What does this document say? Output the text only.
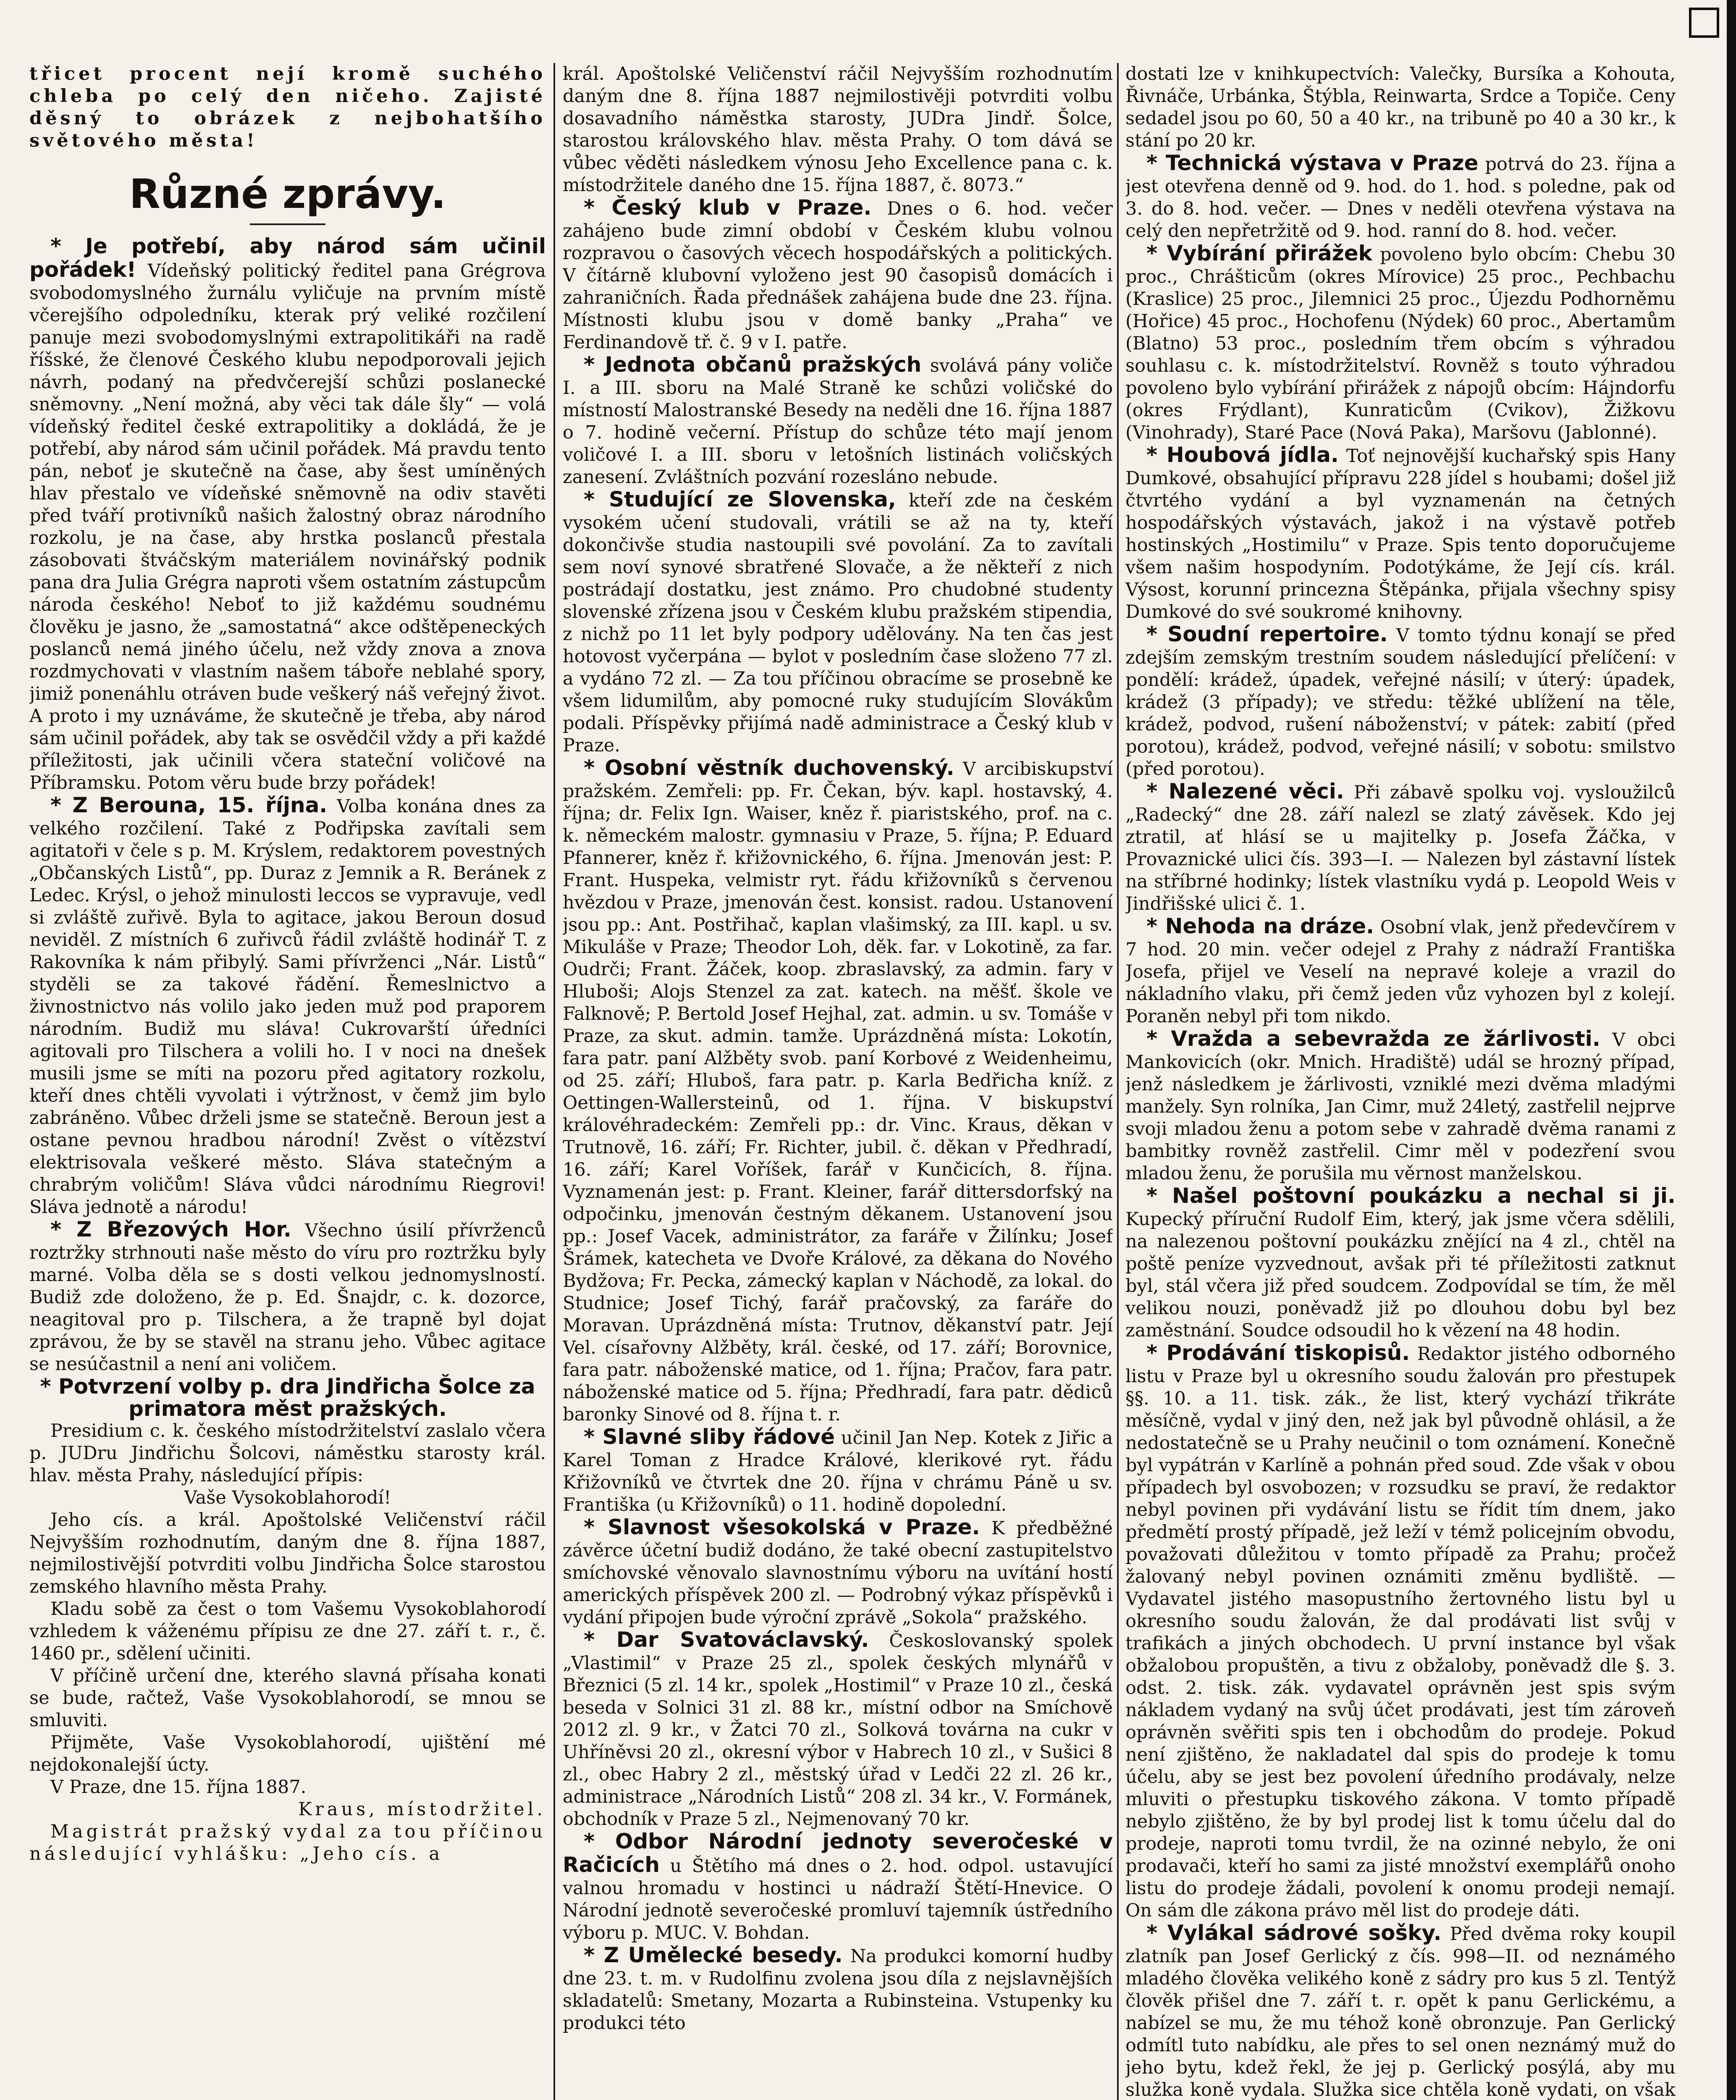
třicet procent nejí kromě suchého chleba po celý den ničeho. Zajisté děsný to obrázek z nejbohatšího světového města!

Různé zprávy.

* Je potřebí, aby národ sám učinil pořádek! Vídeňský politický ředitel pana Grégrova svobodomyslného žurnálu vyličuje na prvním místě včerejšího odpoledníku, kterak prý veliké rozčilení panuje mezi svobodomyslnými extrapolitikáři na radě říšské, že členové Českého klubu nepodporovali jejich návrh, podaný na předvčerejší schůzi poslanecké sněmovny. „Není možná, aby věci tak dále šly“ — volá vídeňský ředitel české extrapolitiky a dokládá, že je potřebí, aby národ sám učinil pořádek. Má pravdu tento pán, neboť je skutečně na čase, aby šest umíněných hlav přestalo ve vídeňské sněmovně na odiv stavěti před tváří protivníků našich žalostný obraz národního rozkolu, je na čase, aby hrstka poslanců přestala zásobovati štváčským materiálem novinářský podnik pana dra Julia Grégra naproti všem ostatním zástupcům národa českého! Neboť to již každému soudnému člověku je jasno, že „samostatná“ akce odštěpeneckých poslanců nemá jiného účelu, než vždy znova a znova rozdmychovati v vlastním našem táboře neblahé spory, jimiž ponenáhlu otráven bude veškerý náš veřejný život. A proto i my uznáváme, že skutečně je třeba, aby národ sám učinil pořádek, aby tak se osvědčil vždy a při každé příležitosti, jak učinili včera stateční voličové na Příbramsku. Potom věru bude brzy pořádek!

* Z Berouna, 15. října. Volba konána dnes za velkého rozčilení. Také z Podřipska zavítali sem agitatoři v čele s p. M. Krýslem, redaktorem povestných „Občanských Listů“, pp. Duraz z Jemnik a R. Beránek z Ledec. Krýsl, o jehož minulosti leccos se vypravuje, vedl si zvláště zuřivě. Byla to agitace, jakou Beroun dosud neviděl. Z místních 6 zuřivců řádil zvláště hodinář T. z Rakovníka k nám přibylý. Sami přívrženci „Nár. Listů“ styděli se za takové řádění. Řemeslnictvo a živnostnictvo nás volilo jako jeden muž pod praporem národním. Budiž mu sláva! Cukrovarští úředníci agitovali pro Tilschera a volili ho. I v noci na dnešek musili jsme se míti na pozoru před agitatory rozkolu, kteří dnes chtěli vyvolati i výtržnost, v čemž jim bylo zabráněno. Vůbec drželi jsme se statečně. Beroun jest a ostane pevnou hradbou národní! Zvěst o vítězství elektrisovala veškeré město. Sláva statečným a chrabrým voličům! Sláva vůdci národnímu Riegrovi! Sláva jednotě a národu!

* Z Březových Hor. Všechno úsilí přívrženců roztržky strhnouti naše město do víru pro roztržku byly marné. Volba děla se s dosti velkou jednomyslností. Budiž zde doloženo, že p. Ed. Šnajdr, c. k. dozorce, neagitoval pro p. Tilschera, a že trapně byl dojat zprávou, že by se stavěl na stranu jeho. Vůbec agitace se nesúčastnil a není ani voličem.

* Potvrzení volby p. dra Jindřicha Šolce za primatora měst pražských.

Presidium c. k. českého místodržitelství zaslalo včera p. JUDru Jindřichu Šolcovi, náměstku starosty král. hlav. města Prahy, následující přípis:

Vaše Vysokoblahorodí!

Jeho cís. a král. Apoštolské Veličenství ráčil Nejvyšším rozhodnutím, daným dne 8. října 1887, nejmilostivější potvrditi volbu Jindřicha Šolce starostou zemského hlavního města Prahy.

Kladu sobě za čest o tom Vašemu Vysokoblahorodí vzhledem k váženému přípisu ze dne 27. září t. r., č. 1460 pr., sdělení učiniti.

V příčině určení dne, kterého slavná přísaha konati se bude, račtež, Vaše Vysokoblahorodí, se mnou se smluviti.

Přijměte, Vaše Vysokoblahorodí, ujištění mé nejdokonalejší úcty.

V Praze, dne 15. října 1887.

Kraus, místodržitel.

Magistrát pražský vydal za tou příčinou následující vyhlášku: „Jeho cís. a

král. Apoštolské Veličenství ráčil Nejvyšším rozhodnutím daným dne 8. října 1887 nejmilostivěji potvrditi volbu dosavadního náměstka starosty, JUDra Jindř. Šolce, starostou královského hlav. města Prahy. O tom dává se vůbec věděti následkem výnosu Jeho Excellence pana c. k. místodržitele daného dne 15. října 1887, č. 8073.“

* Český klub v Praze. Dnes o 6. hod. večer zahájeno bude zimní období v Českém klubu volnou rozpravou o časových věcech hospodářských a politických. V čítárně klubovní vyloženo jest 90 časopisů domácích i zahraničních. Řada přednášek zahájena bude dne 23. října. Místnosti klubu jsou v domě banky „Praha“ ve Ferdinandově tř. č. 9 v I. patře.

* Jednota občanů pražských svolává pány voliče I. a III. sboru na Malé Straně ke schůzi voličské do místností Malostranské Besedy na neděli dne 16. října 1887 o 7. hodině večerní. Přístup do schůze této mají jenom voličové I. a III. sboru v letošních listinách voličských zanesení. Zvláštních pozvání rozesláno nebude.

* Studující ze Slovenska, kteří zde na českém vysokém učení studovali, vrátili se až na ty, kteří dokončivše studia nastoupili své povolání. Za to zavítali sem noví synové sbratřené Slovače, a že někteří z nich postrádají dostatku, jest známo. Pro chudobné studenty slovenské zřízena jsou v Českém klubu pražském stipendia, z nichž po 11 let byly podpory udělovány. Na ten čas jest hotovost vyčerpána — bylot v posledním čase složeno 77 zl. a vydáno 72 zl. — Za tou příčinou obracíme se prosebně ke všem lidumilům, aby pomocné ruky studujícím Slovákům podali. Příspěvky přijímá nadě administrace a Český klub v Praze.

* Osobní věstník duchovenský. V arcibiskupství pražském. Zemřeli: pp. Fr. Čekan, býv. kapl. hostavský, 4. října; dr. Felix Ign. Waiser, kněz ř. piaristského, prof. na c. k. německém malostr. gymnasiu v Praze, 5. října; P. Eduard Pfannerer, kněz ř. křižovnického, 6. října. Jmenován jest: P. Frant. Huspeka, velmistr ryt. řádu křižovníků s červenou hvězdou v Praze, jmenován čest. konsist. radou. Ustanovení jsou pp.: Ant. Postřihač, kaplan vlašimský, za III. kapl. u sv. Mikuláše v Praze; Theodor Loh, děk. far. v Lokotině, za far. Oudrči; Frant. Žáček, koop. zbraslavský, za admin. fary v Hluboši; Alojs Stenzel za zat. katech. na měšť. škole ve Falknově; P. Bertold Josef Hejhal, zat. admin. u sv. Tomáše v Praze, za skut. admin. tamže. Uprázdněná místa: Lokotín, fara patr. paní Alžběty svob. paní Korbové z Weidenheimu, od 25. září; Hluboš, fara patr. p. Karla Bedřicha kníž. z Oettingen-Wallersteinů, od 1. října. V biskupství královéhradeckém: Zemřeli pp.: dr. Vinc. Kraus, děkan v Trutnově, 16. září; Fr. Richter, jubil. č. děkan v Předhradí, 16. září; Karel Voříšek, farář v Kunčicích, 8. října. Vyznamenán jest: p. Frant. Kleiner, farář dittersdorfský na odpočinku, jmenován čestným děkanem. Ustanovení jsou pp.: Josef Vacek, administrátor, za faráře v Žilínku; Josef Šrámek, katecheta ve Dvoře Králové, za děkana do Nového Bydžova; Fr. Pecka, zámecký kaplan v Náchodě, za lokal. do Studnice; Josef Tichý, farář pračovský, za faráře do Moravan. Uprázdněná místa: Trutnov, děkanství patr. Její Vel. císařovny Alžběty, král. české, od 17. září; Borovnice, fara patr. náboženské matice, od 1. října; Pračov, fara patr. náboženské matice od 5. října; Předhradí, fara patr. dědiců baronky Sinové od 8. října t. r.

* Slavné sliby řádové učinil Jan Nep. Kotek z Jiřic a Karel Toman z Hradce Králové, klerikové ryt. řádu Křižovníků ve čtvrtek dne 20. října v chrámu Páně u sv. Františka (u Křižovníků) o 11. hodině dopolední.

* Slavnost všesokolská v Praze. K předběžné závěrce účetní budiž dodáno, že také obecní zastupitelstvo smíchovské věnovalo slavnostnímu výboru na uvítání hostí amerických příspěvek 200 zl. — Podrobný výkaz příspěvků i vydání připojen bude výroční zprávě „Sokola“ pražského.

* Dar Svatováclavský. Českoslovanský spolek „Vlastimil“ v Praze 25 zl., spolek českých mlynářů v Březnici (5 zl. 14 kr., spolek „Hostimil“ v Praze 10 zl., česká beseda v Solnici 31 zl. 88 kr., místní odbor na Smíchově 2012 zl. 9 kr., v Žatci 70 zl., Solková továrna na cukr v Uhříněvsi 20 zl., okresní výbor v Habrech 10 zl., v Sušici 8 zl., obec Habry 2 zl., městský úřad v Ledči 22 zl. 26 kr., administrace „Národních Listů“ 208 zl. 34 kr., V. Formánek, obchodník v Praze 5 zl., Nejmenovaný 70 kr.

* Odbor Národní jednoty severočeské v Račicích u Štětího má dnes o 2. hod. odpol. ustavující valnou hromadu v hostinci u nádraží Štětí-Hnevice. O Národní jednotě severočeské promluví tajemník ústředního výboru p. MUC. V. Bohdan.

* Z Umělecké besedy. Na produkci komorní hudby dne 23. t. m. v Rudolfinu zvolena jsou díla z nejslavnějších skladatelů: Smetany, Mozarta a Rubinsteina. Vstupenky ku produkci této

dostati lze v knihkupectvích: Valečky, Bursíka a Kohouta, Řivnáče, Urbánka, Štýbla, Reinwarta, Srdce a Topiče. Ceny sedadel jsou po 60, 50 a 40 kr., na tribuně po 40 a 30 kr., k stání po 20 kr.

* Technická výstava v Praze potrvá do 23. října a jest otevřena denně od 9. hod. do 1. hod. s poledne, pak od 3. do 8. hod. večer. — Dnes v neděli otevřena výstava na celý den nepřetržitě od 9. hod. ranní do 8. hod. večer.

* Vybírání přirážek povoleno bylo obcím: Chebu 30 proc., Chrášticům (okres Mírovice) 25 proc., Pechbachu (Kraslice) 25 proc., Jilemnici 25 proc., Újezdu Podhorněmu (Hořice) 45 proc., Hochofenu (Nýdek) 60 proc., Abertamům (Blatno) 53 proc., posledním třem obcím s výhradou souhlasu c. k. místodržitelství. Rovněž s touto výhradou povoleno bylo vybírání přirážek z nápojů obcím: Hájndorfu (okres Frýdlant), Kunraticům (Cvikov), Žižkovu (Vinohrady), Staré Pace (Nová Paka), Maršovu (Jablonné).

* Houbová jídla. Toť nejnovější kuchařský spis Hany Dumkové, obsahující přípravu 228 jídel s houbami; došel již čtvrtého vydání a byl vyznamenán na četných hospodářských výstavách, jakož i na výstavě potřeb hostinských „Hostimilu“ v Praze. Spis tento doporučujeme všem našim hospodyním. Podotýkáme, že Její cís. král. Výsost, korunní princezna Štěpánka, přijala všechny spisy Dumkové do své soukromé knihovny.

* Soudní repertoire. V tomto týdnu konají se před zdejším zemským trestním soudem následující přelíčení: v pondělí: krádež, úpadek, veřejné násilí; v úterý: úpadek, krádež (3 případy); ve středu: těžké ublížení na těle, krádež, podvod, rušení náboženství; v pátek: zabití (před porotou), krádež, podvod, veřejné násilí; v sobotu: smilstvo (před porotou).

* Nalezené věci. Při zábavě spolku voj. vysloužilců „Radecký“ dne 28. září nalezl se zlatý závěsek. Kdo jej ztratil, ať hlásí se u majitelky p. Josefa Žáčka, v Provaznické ulici čís. 393—I. — Nalezen byl zástavní lístek na stříbrné hodinky; lístek vlastníku vydá p. Leopold Weis v Jindřišské ulici č. 1.

* Nehoda na dráze. Osobní vlak, jenž předevčírem v 7 hod. 20 min. večer odejel z Prahy z nádraží Františka Josefa, přijel ve Veselí na nepravé koleje a vrazil do nákladního vlaku, při čemž jeden vůz vyhozen byl z kolejí. Poraněn nebyl při tom nikdo.

* Vražda a sebevražda ze žárlivosti. V obci Mankovicích (okr. Mnich. Hradiště) udál se hrozný případ, jenž následkem je žárlivosti, vzniklé mezi dvěma mladými manžely. Syn rolníka, Jan Cimr, muž 24letý, zastřelil nejprve svoji mladou ženu a potom sebe v zahradě dvěma ranami z bambitky rovněž zastřelil. Cimr měl v podezření svou mladou ženu, že porušila mu věrnost manželskou.

* Našel poštovní poukázku a nechal si ji. Kupecký příruční Rudolf Eim, který, jak jsme včera sdělili, na nalezenou poštovní poukázku znějící na 4 zl., chtěl na poště peníze vyzvednout, avšak při té příležitosti zatknut byl, stál včera již před soudcem. Zodpovídal se tím, že měl velikou nouzi, poněvadž již po dlouhou dobu byl bez zaměstnání. Soudce odsoudil ho k vězení na 48 hodin.

* Prodávání tiskopisů. Redaktor jistého odborného listu v Praze byl u okresního soudu žalován pro přestupek §§. 10. a 11. tisk. zák., že list, který vychází třikráte měsíčně, vydal v jiný den, než jak byl původně ohlásil, a že nedostatečně se u Prahy neučinil o tom oznámení. Konečně byl vypátrán v Karlíně a pohnán před soud. Zde však v obou případech byl osvobozen; v rozsudku se praví, že redaktor nebyl povinen při vydávání listu se řídit tím dnem, jako předmětí prostý případě, jež leží v témž policejním obvodu, považovati důležitou v tomto případě za Prahu; pročež žalovaný nebyl povinen oznámiti změnu bydliště. — Vydavatel jistého masopustního žertovného listu byl u okresního soudu žalován, že dal prodávati list svůj v trafikách a jiných obchodech. U první instance byl však obžalobou propuštěn, a tivu z obžaloby, poněvadž dle §. 3. odst. 2. tisk. zák. vydavatel oprávněn jest spis svým nákladem vydaný na svůj účet prodávati, jest tím zároveň oprávněn svěřiti spis ten i obchodům do prodeje. Pokud není zjištěno, že nakladatel dal spis do prodeje k tomu účelu, aby se jest bez povolení úředního prodávaly, nelze mluviti o přestupku tiskového zákona. V tomto případě nebylo zjištěno, že by byl prodej list k tomu účelu dal do prodeje, naproti tomu tvrdil, že na ozinné nebylo, že oni prodavači, kteří ho sami za jisté množství exemplářů onoho listu do prodeje žádali, povolení k onomu prodeji nemají. On sám dle zákona právo měl list do prodeje dáti.

* Vylákal sádrové sošky. Před dvěma roky koupil zlatník pan Josef Gerlický z čís. 998—II. od neznámého mladého člověka velikého koně z sádry pro kus 5 zl. Tentýž člověk přišel dne 7. září t. r. opět k panu Gerlickému, a nabízel se mu, že mu téhož koně obronzuje. Pan Gerlický odmítl tuto nabídku, ale přes to sel onen neznámý muž do jeho bytu, kdež řekl, že jej p. Gerlický posýlá, aby mu služka koně vydala. Služka sice chtěla koně vydati, on však
